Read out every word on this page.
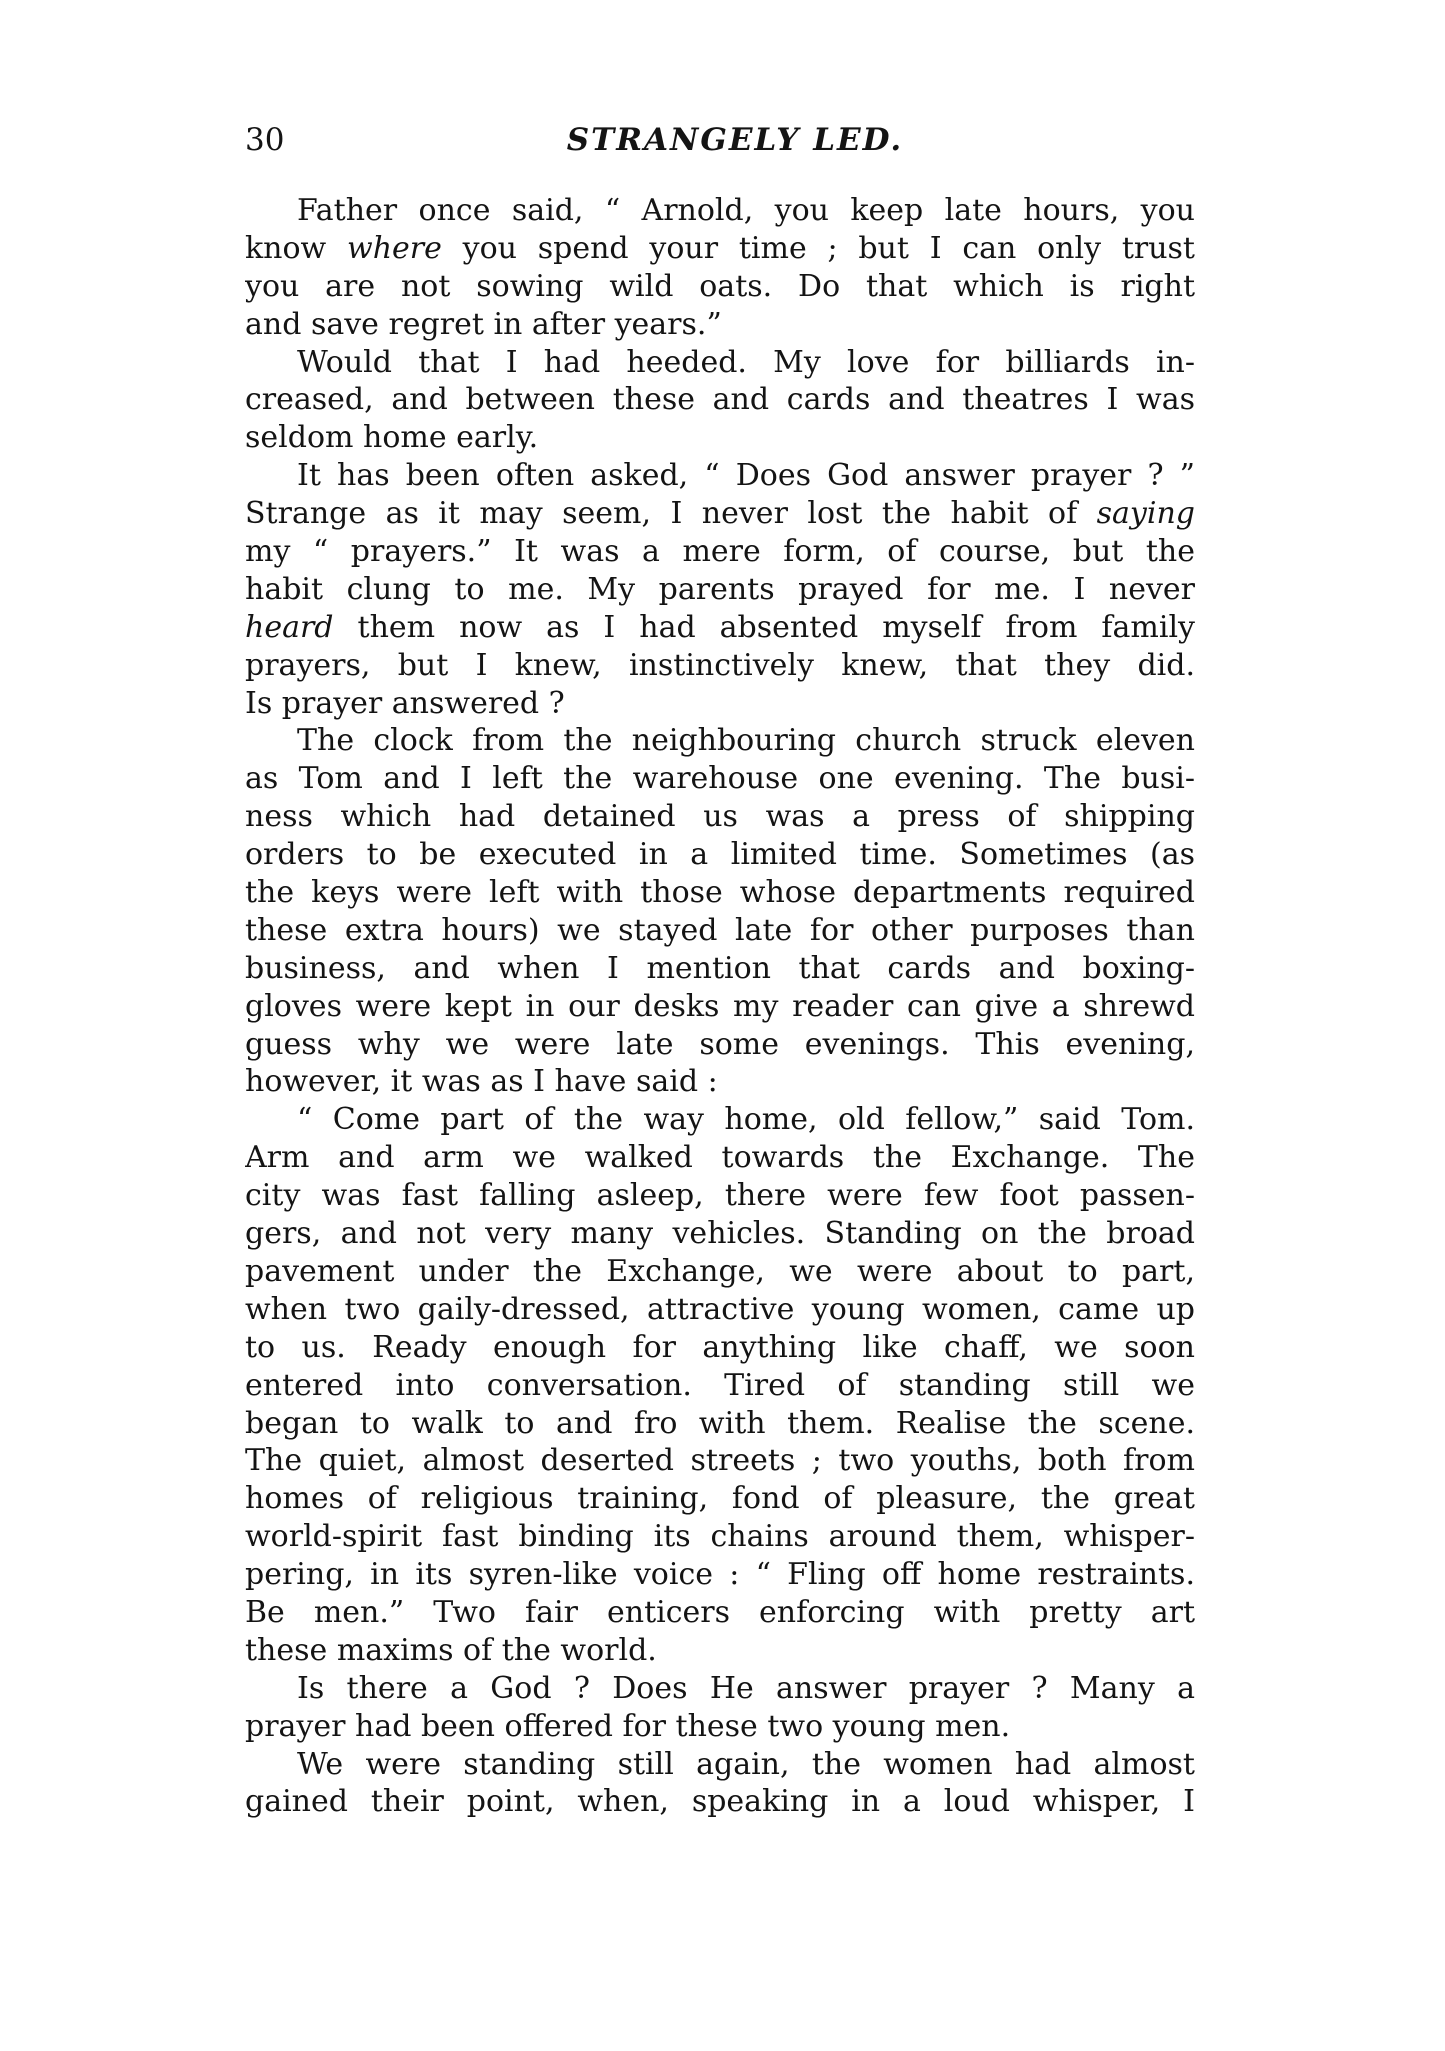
30	STRANGELY LED.
Father once said, “ Arnold, you keep late hours, you
know where you spend your time ; but I can only trust
you are not sowing wild oats. Do that which is right
and save regret in after years.”
Would that I had heeded. My love for billiards in-
creased, and between these and cards and theatres I was
seldom home early.
It has been often asked, “ Does God answer prayer ? ”
Strange as it may seem, I never lost the habit of saying
my “ prayers.” It was a mere form, of course, but the
habit clung to me. My parents prayed for me. I never
heard them now as I had absented myself from family
prayers, but I knew, instinctively knew, that they did.
Is prayer answered ?
The clock from the neighbouring church struck eleven
as Tom and I left the warehouse one evening. The busi-
ness which had detained us was a press of shipping
orders to be executed in a limited time. Sometimes (as
the keys were left with those whose departments required
these extra hours) we stayed late for other purposes than
business, and when I mention that cards and boxing-
gloves were kept in our desks my reader can give a shrewd
guess why we were late some evenings. This evening,
however, it was as I have said :
“ Come part of the way home, old fellow,” said Tom.
Arm and arm we walked towards the Exchange. The
city was fast falling asleep, there were few foot passen-
gers, and not very many vehicles. Standing on the broad
pavement under the Exchange, we were about to part,
when two gaily-dressed, attractive young women, came up
to us. Ready enough for anything like chaff, we soon
entered into conversation. Tired of standing still we
began to walk to and fro with them. Realise the scene.
The quiet, almost deserted streets ; two youths, both from
homes of religious training, fond of pleasure, the great
world-spirit fast binding its chains around them, whisper-
pering, in its syren-like voice : “ Fling off home restraints.
Be men.” Two fair enticers enforcing with pretty art
these maxims of the world.
Is there a God ? Does He answer prayer ? Many a
prayer had been offered for these two young men.
We were standing still again, the women had almost
gained their point, when, speaking in a loud whisper, I
